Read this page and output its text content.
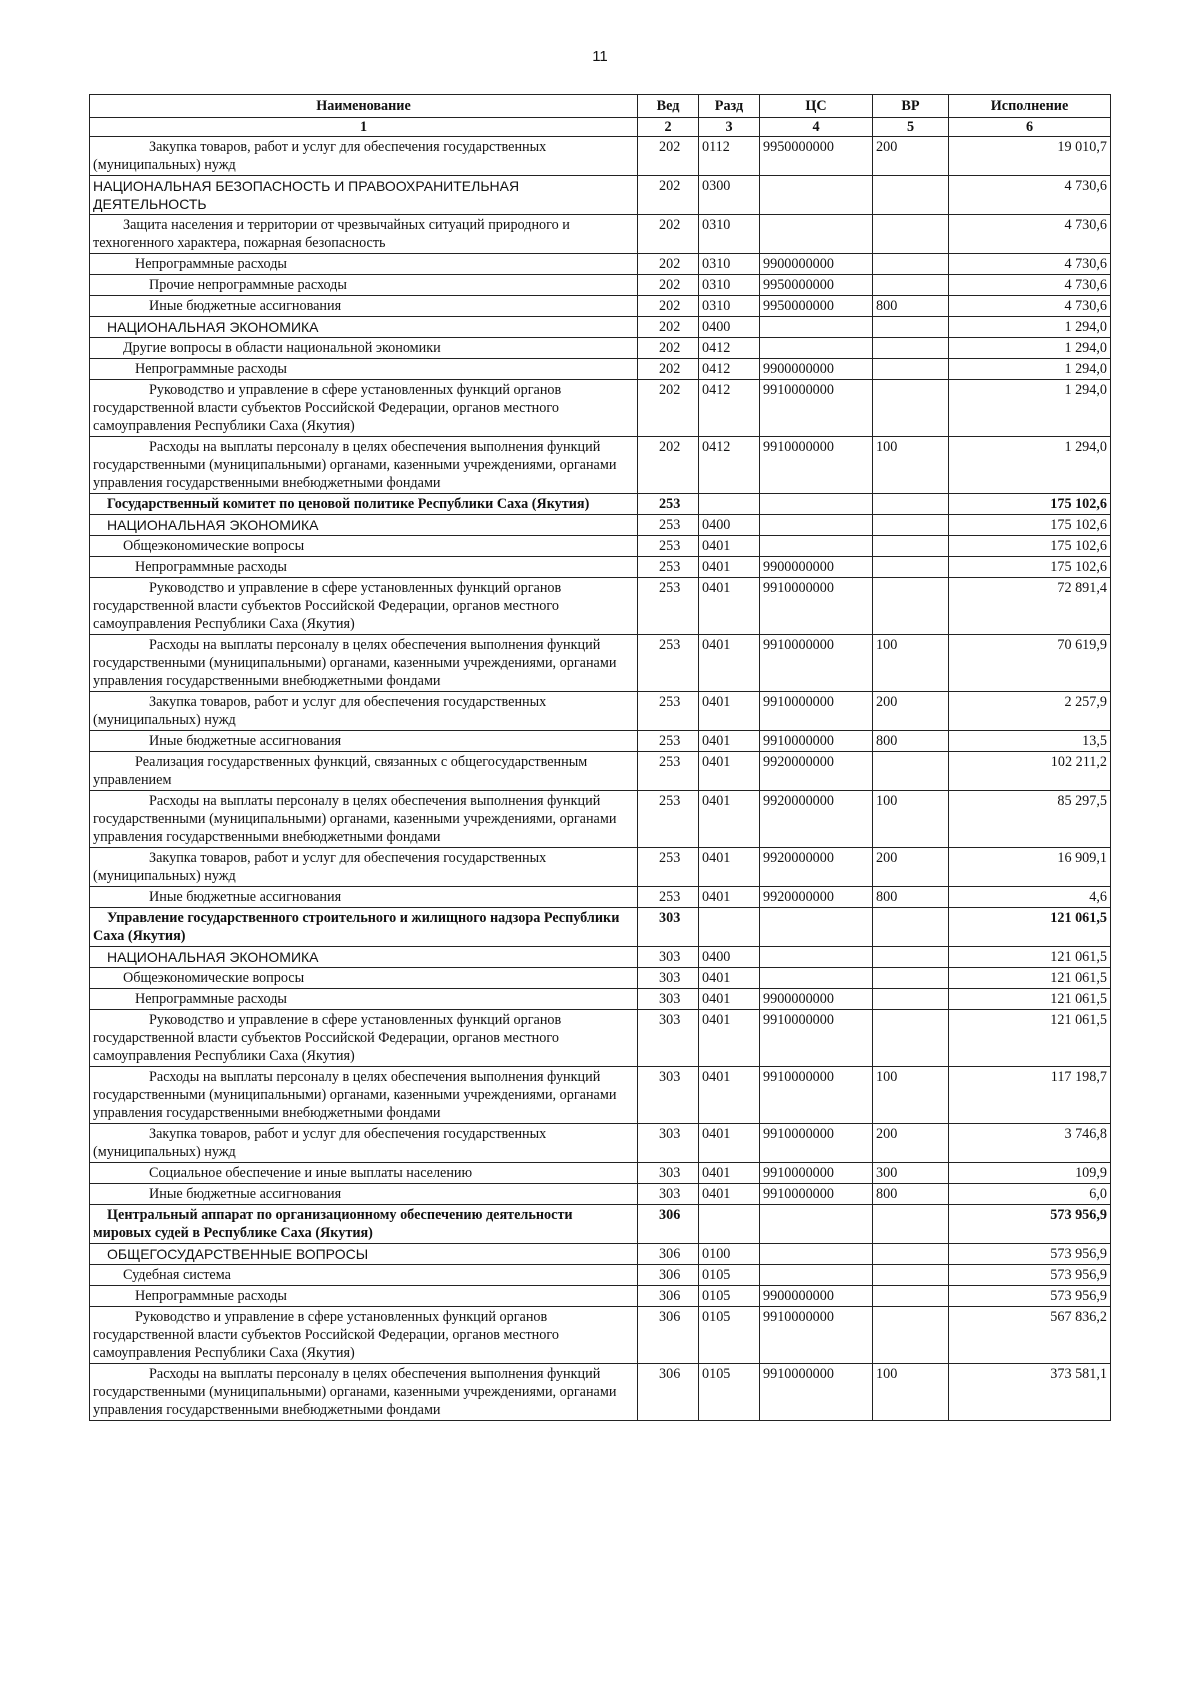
11
Наименование	Вед	Разд	ЦС	ВР	Исполнение
1	2	3	4	5	6
Закупка товаров, работ и услуг для обеспечения государственных (муниципальных) нужд	202	0112	9950000000	200	19 010,7
НАЦИОНАЛЬНАЯ БЕЗОПАСНОСТЬ И ПРАВООХРАНИТЕЛЬНАЯ ДЕЯТЕЛЬНОСТЬ	202	0300			4 730,6
Защита населения и территории от чрезвычайных ситуаций природного и техногенного характера, пожарная безопасность	202	0310			4 730,6
Непрограммные расходы	202	0310	9900000000		4 730,6
Прочие непрограммные расходы	202	0310	9950000000		4 730,6
Иные бюджетные ассигнования	202	0310	9950000000	800	4 730,6
НАЦИОНАЛЬНАЯ ЭКОНОМИКА	202	0400			1 294,0
Другие вопросы в области национальной экономики	202	0412			1 294,0
Непрограммные расходы	202	0412	9900000000		1 294,0
Руководство и управление в сфере установленных функций органов государственной власти субъектов Российской Федерации, органов местного самоуправления Республики Саха (Якутия)	202	0412	9910000000		1 294,0
Расходы на выплаты персоналу в целях обеспечения выполнения функций государственными (муниципальными) органами, казенными учреждениями, органами управления государственными внебюджетными фондами	202	0412	9910000000	100	1 294,0
Государственный комитет по ценовой политике Республики Саха (Якутия)	253				175 102,6
НАЦИОНАЛЬНАЯ ЭКОНОМИКА	253	0400			175 102,6
Общеэкономические вопросы	253	0401			175 102,6
Непрограммные расходы	253	0401	9900000000		175 102,6
Руководство и управление в сфере установленных функций органов государственной власти субъектов Российской Федерации, органов местного самоуправления Республики Саха (Якутия)	253	0401	9910000000		72 891,4
Расходы на выплаты персоналу в целях обеспечения выполнения функций государственными (муниципальными) органами, казенными учреждениями, органами управления государственными внебюджетными фондами	253	0401	9910000000	100	70 619,9
Закупка товаров, работ и услуг для обеспечения государственных (муниципальных) нужд	253	0401	9910000000	200	2 257,9
Иные бюджетные ассигнования	253	0401	9910000000	800	13,5
Реализация государственных функций, связанных с общегосударственным управлением	253	0401	9920000000		102 211,2
Расходы на выплаты персоналу в целях обеспечения выполнения функций государственными (муниципальными) органами, казенными учреждениями, органами управления государственными внебюджетными фондами	253	0401	9920000000	100	85 297,5
Закупка товаров, работ и услуг для обеспечения государственных (муниципальных) нужд	253	0401	9920000000	200	16 909,1
Иные бюджетные ассигнования	253	0401	9920000000	800	4,6
Управление государственного строительного и жилищного надзора Республики Саха (Якутия)	303				121 061,5
НАЦИОНАЛЬНАЯ ЭКОНОМИКА	303	0400			121 061,5
Общеэкономические вопросы	303	0401			121 061,5
Непрограммные расходы	303	0401	9900000000		121 061,5
Руководство и управление в сфере установленных функций органов государственной власти субъектов Российской Федерации, органов местного самоуправления Республики Саха (Якутия)	303	0401	9910000000		121 061,5
Расходы на выплаты персоналу в целях обеспечения выполнения функций государственными (муниципальными) органами, казенными учреждениями, органами управления государственными внебюджетными фондами	303	0401	9910000000	100	117 198,7
Закупка товаров, работ и услуг для обеспечения государственных (муниципальных) нужд	303	0401	9910000000	200	3 746,8
Социальное обеспечение и иные выплаты населению	303	0401	9910000000	300	109,9
Иные бюджетные ассигнования	303	0401	9910000000	800	6,0
Центральный аппарат по организационному обеспечению деятельности мировых судей в Республике Саха (Якутия)	306				573 956,9
ОБЩЕГОСУДАРСТВЕННЫЕ ВОПРОСЫ	306	0100			573 956,9
Судебная система	306	0105			573 956,9
Непрограммные расходы	306	0105	9900000000		573 956,9
Руководство и управление в сфере установленных функций органов государственной власти субъектов Российской Федерации, органов местного самоуправления Республики Саха (Якутия)	306	0105	9910000000		567 836,2
Расходы на выплаты персоналу в целях обеспечения выполнения функций государственными (муниципальными) органами, казенными учреждениями, органами управления государственными внебюджетными фондами	306	0105	9910000000	100	373 581,1
